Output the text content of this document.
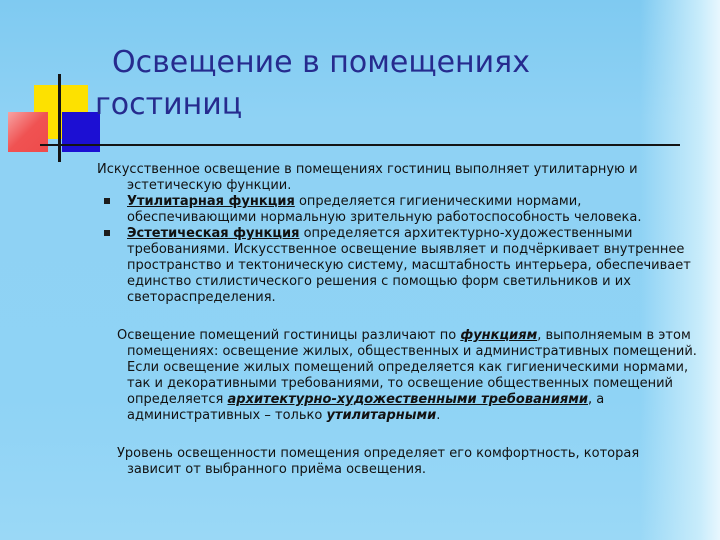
Освещение в помещениях
гостиниц

Искусственное освещение в помещениях гостиниц выполняет утилитарную и эстетическую функции.

Утилитарная функция определяется гигиеническими нормами, обеспечивающими нормальную зрительную работоспособность человека.

Эстетическая функция определяется архитектурно-художественными требованиями. Искусственное освещение выявляет и подчёркивает внутреннее пространство и тектоническую систему, масштабность интерьера, обеспечивает единство стилистического решения с помощью форм светильников и их светораспределения.

Освещение помещений гостиницы различают по функциям, выполняемым в этом помещениях: освещение жилых, общественных и административных помещений. Если освещение жилых помещений определяется как гигиеническими нормами, так и декоративными требованиями, то освещение общественных помещений определяется архитектурно-художественными требованиями, а административных – только утилитарными.

Уровень освещенности помещения определяет его комфортность, которая зависит от выбранного приёма освещения.
